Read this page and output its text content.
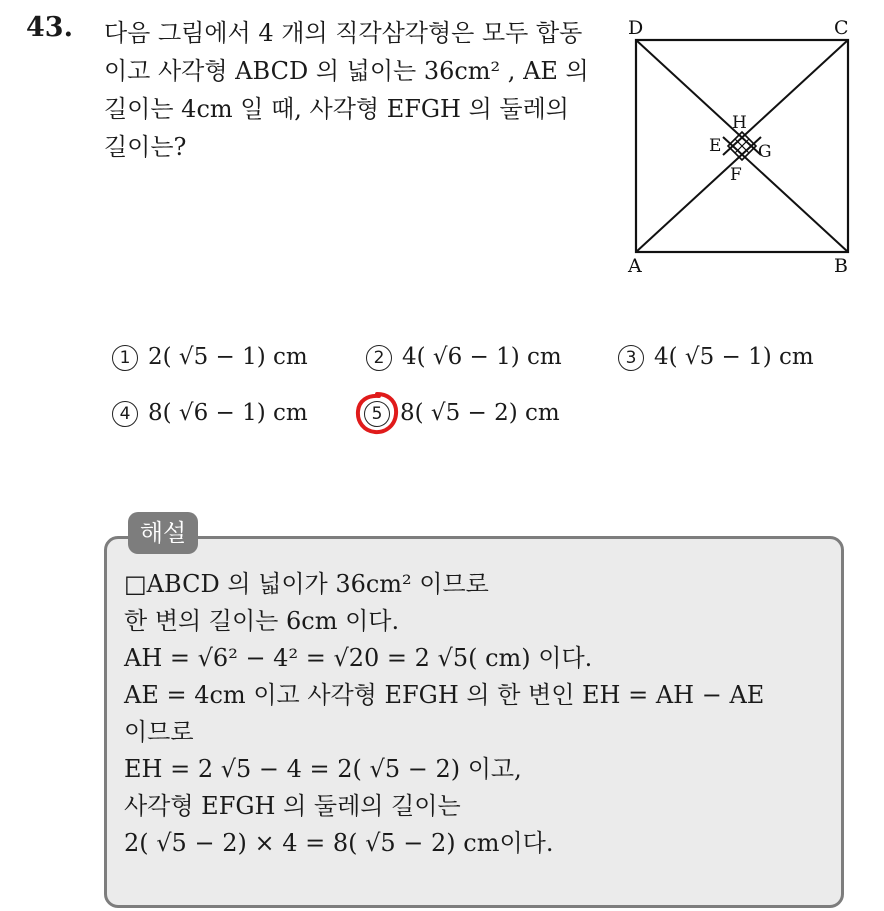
43. 다음 그림에서 4 개의 직각삼각형은 모두 합동
이고 사각형 ABCD 의 넓이는 36cm² , AE 의
길이는 4cm 일 때, 사각형 EFGH 의 둘레의
길이는?
D	C
A	B
H
E G
F
1 2( √5 − 1) cm	2 4( √6 − 1) cm	3 4( √5 − 1) cm
4 8( √6 − 1) cm	5 8( √5 − 2) cm
해설
□ABCD 의 넓이가 36cm² 이므로
한 변의 길이는 6cm 이다.
AH = √6² − 4² = √20 = 2 √5( cm) 이다.
AE = 4cm 이고 사각형 EFGH 의 한 변인 EH = AH − AE
이므로
EH = 2 √5 − 4 = 2( √5 − 2) 이고,
사각형 EFGH 의 둘레의 길이는
2( √5 − 2) × 4 = 8( √5 − 2) cm이다.
